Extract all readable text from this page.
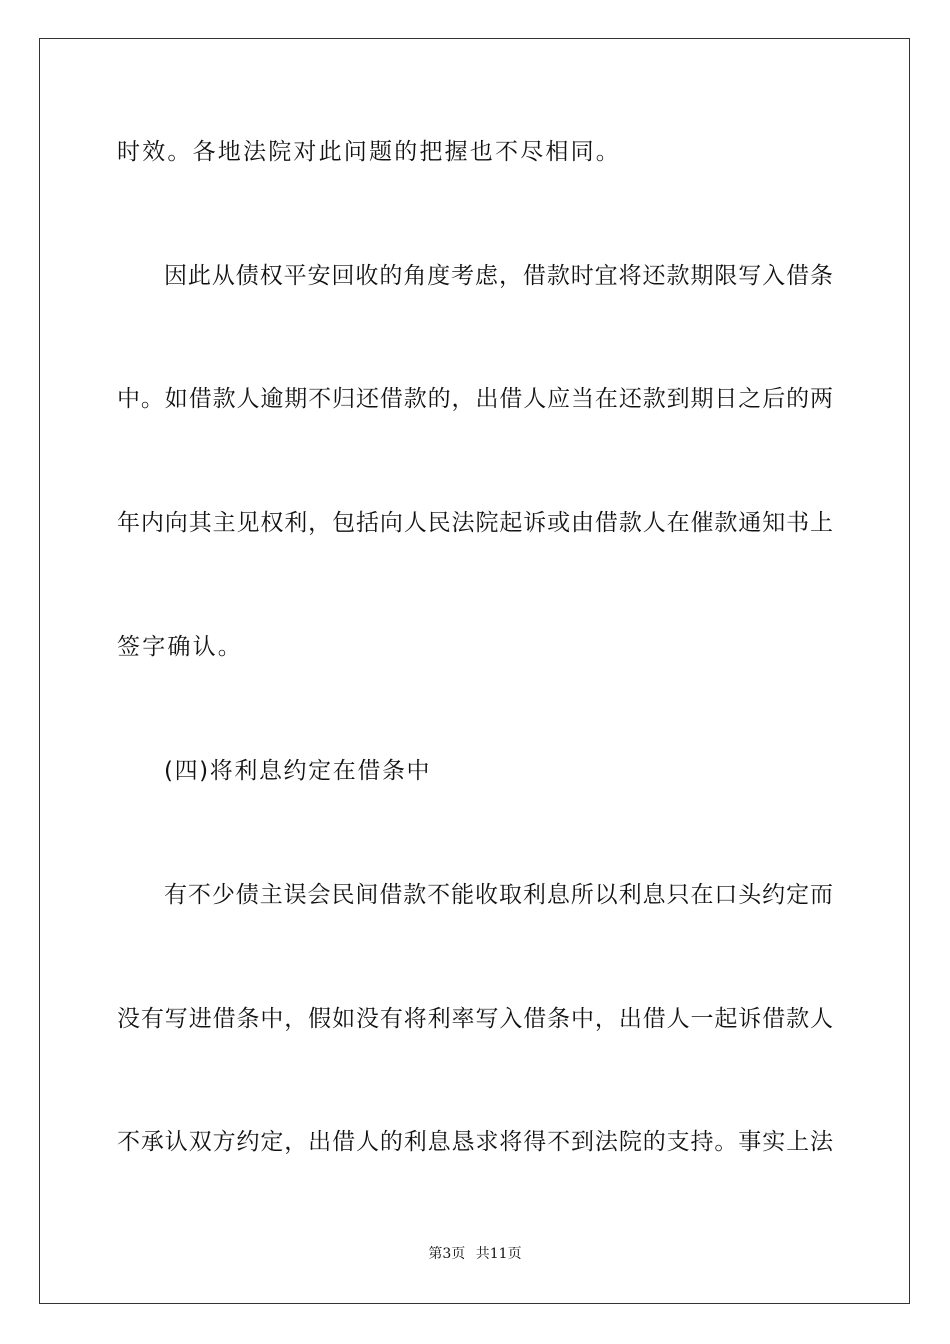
时效。各地法院对此问题的把握也不尽相同。
因此从债权平安回收的角度考虑，借款时宜将还款期限写入借条
中。如借款人逾期不归还借款的，出借人应当在还款到期日之后的两
年内向其主见权利，包括向人民法院起诉或由借款人在催款通知书上
签字确认。
(四)将利息约定在借条中
有不少债主误会民间借款不能收取利息所以利息只在口头约定而
没有写进借条中，假如没有将利率写入借条中，出借人一起诉借款人
不承认双方约定，出借人的利息恳求将得不到法院的支持。事实上法
第3页 共11页
